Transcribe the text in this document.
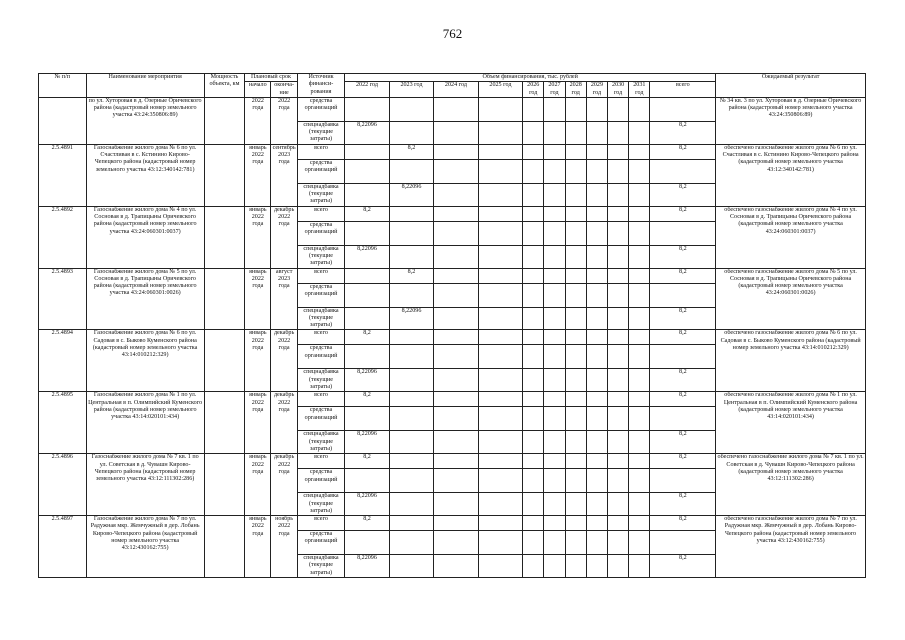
762
№ п/п	Наименование мероприятия	Мощность объекта, км	Плановый срок		Источник финанси-рования	Объем финансирования, тыс. рублей											Ожидаемый результат
			начало	оконча-ние		2022 год	2023 год	2024 год	2025 год	2026 год	2027 год	2028 год	2029 год	2030 год	2031 год	всего	
	по ул. Хуторовая в д. Озерные Оричевского района (кадастровый номер земельного участка 43:24:350806:89)		2022 года	2022 года	средства организаций												№ 34 кв. 3 по ул. Хуторовая в д. Озерные Оричевского района (кадастровый номер земельного участка 43:24:350806:89)
					спецнадбавка (текущие затраты)	8,22096										8,2	
2.5.4891	Газоснабжение жилого дома № 6 по ул. Счастливая в с. Кстинино Кирово-Чепецкого района (кадастровый номер земельного участка 43:12:340142:781)		январь 2022 года	сентябрь 2023 года	всего		8,2									8,2	обеспечено газоснабжение жилого дома № 6 по ул. Счастливая в с. Кстинино Кирово-Чепецкого района (кадастровый номер земельного участка 43:12:340142:781)
					средства организаций												
					спецнадбавка (текущие затраты)		8,22096									8,2	
2.5.4892	Газоснабжение жилого дома № 4 по ул. Сосновая в д. Трапицыны Оричевского района (кадастровый номер земельного участка 43:24:060301:0037)		январь 2022 года	декабрь 2022 года	всего	8,2										8,2	обеспечено газоснабжение жилого дома № 4 по ул. Сосновая в д. Трапицыны Оричевского района (кадастровый номер земельного участка 43:24:060301:0037)
					средства организаций												
					спецнадбавка (текущие затраты)	8,22096										8,2	
2.5.4893	Газоснабжение жилого дома № 5 по ул. Сосновая в д. Трапицыны Оричевского района (кадастровый номер земельного участка 43:24:060301:0026)		январь 2022 года	август 2023 года	всего		8,2									8,2	обеспечено газоснабжение жилого дома № 5 по ул. Сосновая в д. Трапицыны Оричевского района (кадастровый номер земельного участка 43:24:060301:0026)
					средства организаций												
					спецнадбавка (текущие затраты)		8,22096									8,2	
2.5.4894	Газоснабжение жилого дома № 6 по ул. Садовая в с. Быково Куменского района (кадастровый номер земельного участка 43:14:010212:329)		январь 2022 года	декабрь 2022 года	всего	8,2										8,2	обеспечено газоснабжение жилого дома № 6 по ул. Садовая в с. Быково Куменского района (кадастровый номер земельного участка 43:14:010212:329)
					средства организаций												
					спецнадбавка (текущие затраты)	8,22096										8,2	
2.5.4895	Газоснабжение жилого дома № 1 по ул. Центральная в п. Олимпийский Куменского района (кадастровый номер земельного участка 43:14:020101:434)		январь 2022 года	декабрь 2022 года	всего	8,2										8,2	обеспечено газоснабжение жилого дома № 1 по ул. Центральная в п. Олимпийский Куменского района (кадастровый номер земельного участка 43:14:020101:434)
					средства организаций												
					спецнадбавка (текущие затраты)	8,22096										8,2	
2.5.4896	Газоснабжение жилого дома № 7 кв. 1 по ул. Советская в д. Чувашн Кирово-Чепецкого района (кадастровый номер земельного участка 43:12:111302:286)		январь 2022 года	декабрь 2022 года	всего	8,2										8,2	обеспечено газоснабжение жилого дома № 7 кв. 1 по ул. Советская в д. Чувашн Кирово-Чепецкого района (кадастровый номер земельного участка 43:12:111302:286)
					средства организаций												
					спецнадбавка (текущие затраты)	8,22096										8,2	
2.5.4897	Газоснабжение жилого дома № 7 по ул. Радужная мкр. Жемчужный в дер. Лобань Кирово-Чепецкого района (кадастровый номер земельного участка 43:12:430162:755)		январь 2022 года	ноябрь 2022 года	всего	8,2										8,2	обеспечено газоснабжение жилого дома № 7 по ул. Радужная мкр. Жемчужный в дер. Лобань Кирово-Чепецкого района (кадастровый номер земельного участка 43:12:430162:755)
					средства организаций												
					спецнадбавка (текущие затраты)	8,22096										8,2	
